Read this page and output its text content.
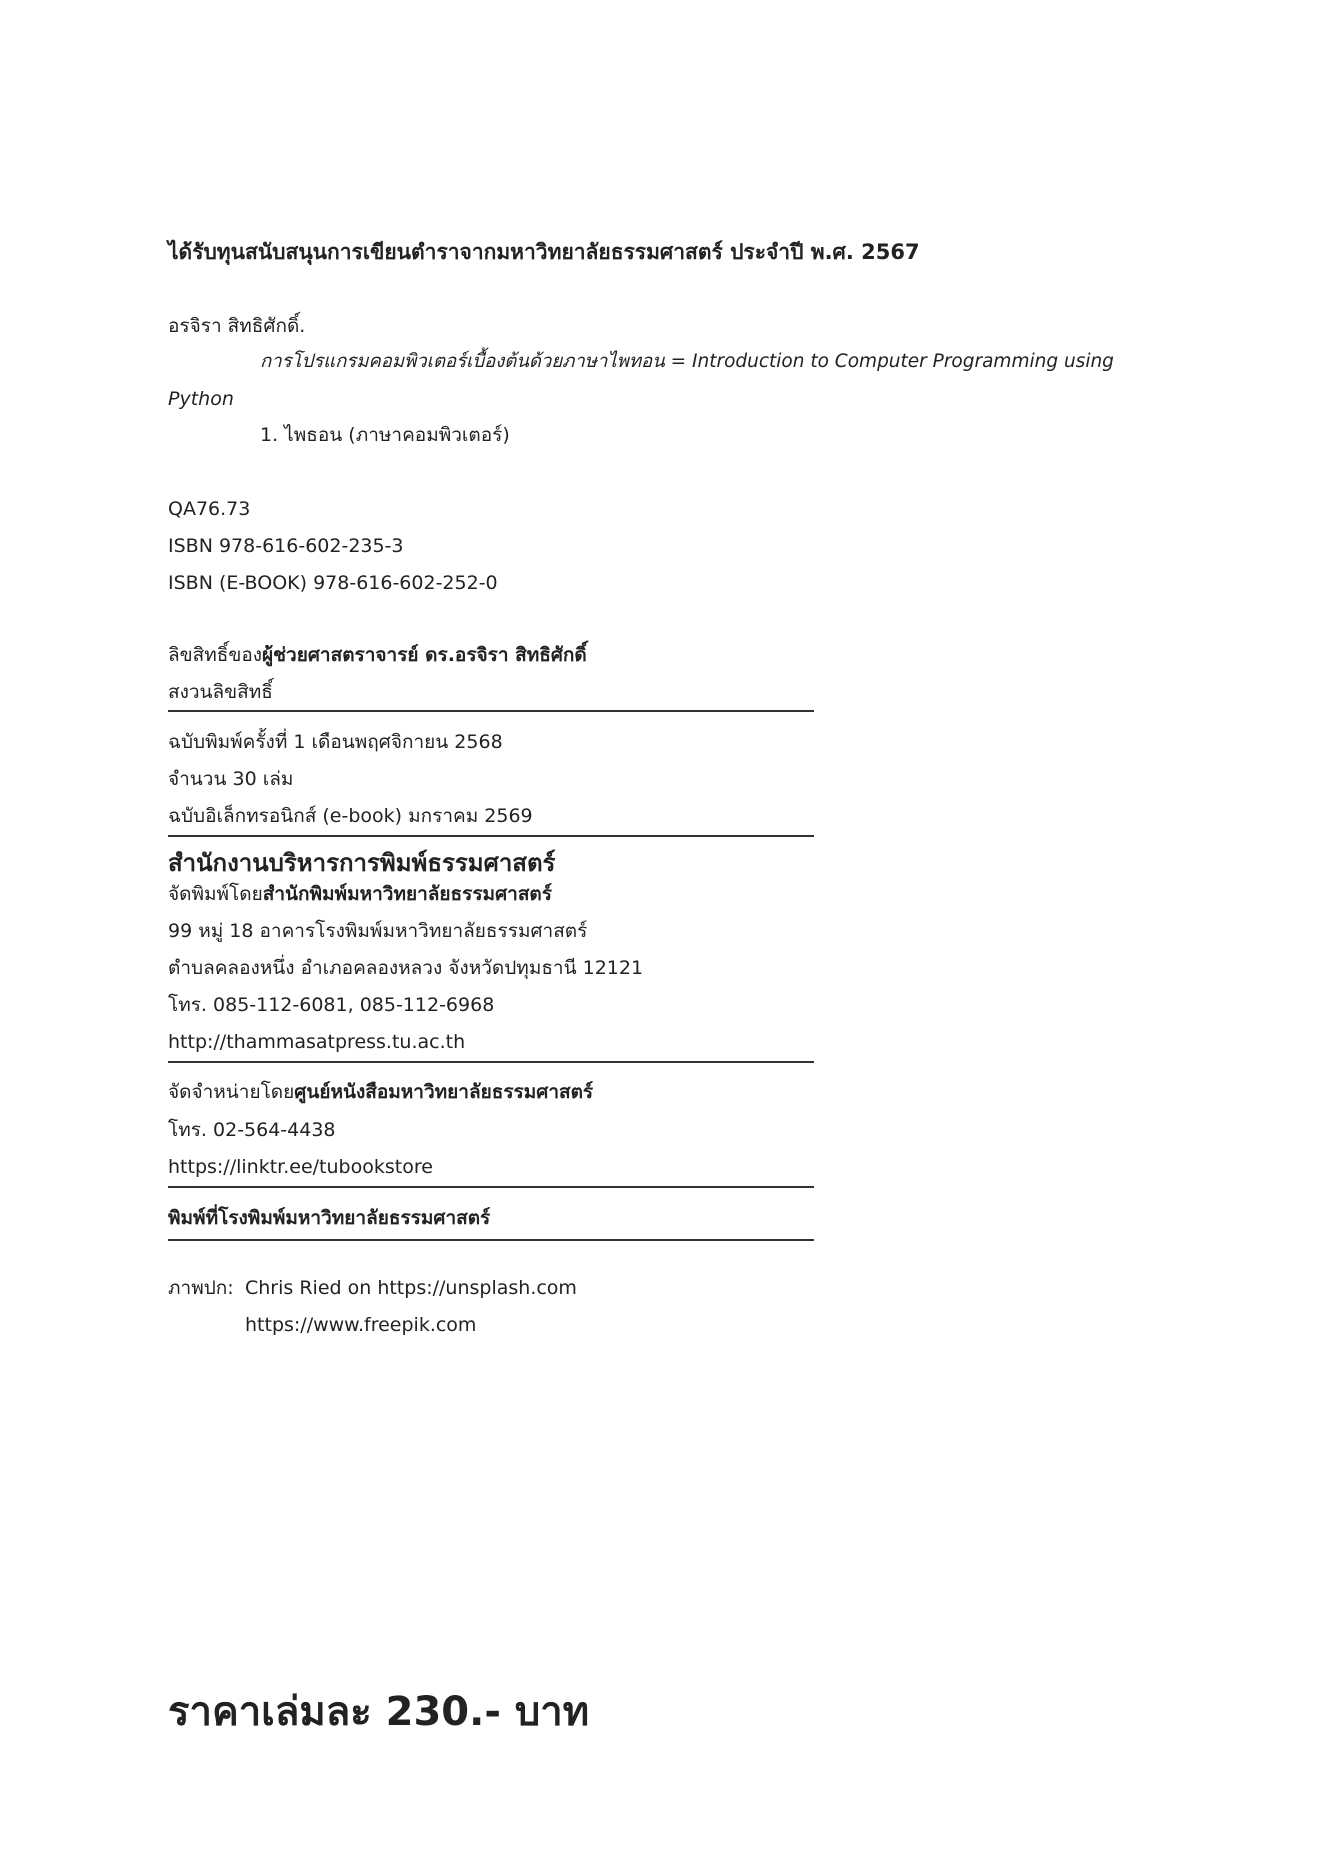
ได้รับทุนสนับสนุนการเขียนตำราจากมหาวิทยาลัยธรรมศาสตร์ ประจำปี พ.ศ. 2567
อรจิรา สิทธิศักดิ์.
การโปรแกรมคอมพิวเตอร์เบื้องต้นด้วยภาษาไพทอน = Introduction to Computer Programming using
Python
1. ไพธอน (ภาษาคอมพิวเตอร์)
QA76.73
ISBN 978-616-602-235-3
ISBN (E-BOOK) 978-616-602-252-0
ลิขสิทธิ์ของผู้ช่วยศาสตราจารย์ ดร.อรจิรา สิทธิศักดิ์
สงวนลิขสิทธิ์
ฉบับพิมพ์ครั้งที่ 1 เดือนพฤศจิกายน 2568
จำนวน 30 เล่ม
ฉบับอิเล็กทรอนิกส์ (e-book) มกราคม 2569
สำนักงานบริหารการพิมพ์ธรรมศาสตร์
จัดพิมพ์โดยสำนักพิมพ์มหาวิทยาลัยธรรมศาสตร์
99 หมู่ 18 อาคารโรงพิมพ์มหาวิทยาลัยธรรมศาสตร์
ตำบลคลองหนึ่ง อำเภอคลองหลวง จังหวัดปทุมธานี 12121
โทร. 085-112-6081, 085-112-6968
http://thammasatpress.tu.ac.th
จัดจำหน่ายโดยศูนย์หนังสือมหาวิทยาลัยธรรมศาสตร์
โทร. 02-564-4438
https://linktr.ee/tubookstore
พิมพ์ที่โรงพิมพ์มหาวิทยาลัยธรรมศาสตร์
ภาพปก: Chris Ried on https://unsplash.com
https://www.freepik.com
ราคาเล่มละ 230.- บาท
